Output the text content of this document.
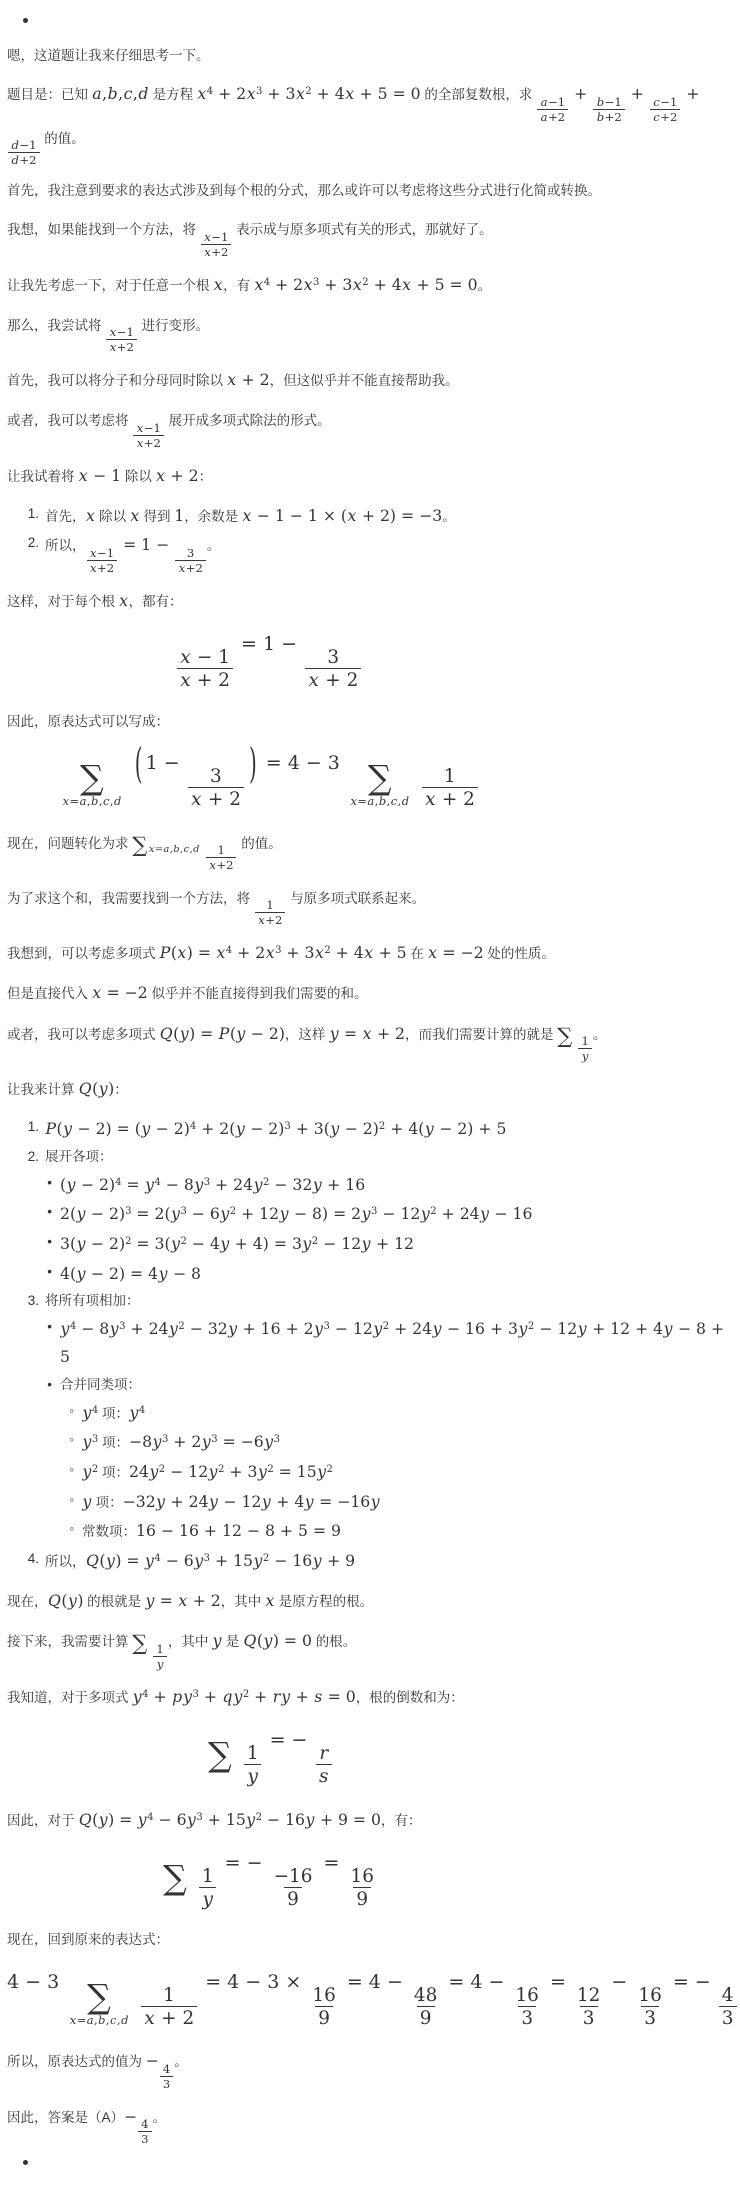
嗯，这道题让我来仔细思考一下。
题目是：已知 a,b,c,d 是方程 $x^4 + 2x^3 + 3x^2 + 4x + 5 = 0$ 的全部复数根，求
$\frac{a-1}{a+2}$
+
$\frac{b-1}{b+2}$
+
$\frac{c-1}{c+2}$
+
$\frac{d-1}{d+2}$
的值。
首先，我注意到要求的表达式涉及到每个根的分式，那么或许可以考虑将这些分式进行化简或转换。
我想，如果能找到一个方法，将
$\frac{x-1}{x+2}$
表示成与原多项式有关的形式，那就好了。
让我先考虑一下，对于任意一个根 x，有 $x^4 + 2x^3 + 3x^2 + 4x + 5 = 0$。
那么，我尝试将
$\frac{x-1}{x+2}$
进行变形。
首先，我可以将分子和分母同时除以 x + 2，但这似乎并不能直接帮助我。
或者，我可以考虑将
$\frac{x-1}{x+2}$
展开成多项式除法的形式。
让我试着将 x − 1 除以 x + 2：
1. 首先，x 除以 x 得到 1，余数是 x − 1 − 1 × (x + 2) = −3。
2. 所以，
$\frac{x-1}{x+2}$
= 1 −
$\frac{3}{x+2}$
。
这样，对于每个根 x，都有：
$\frac{x - 1}{x + 2}$
= 1 −
$\frac{3}{x + 2}$
因此，原表达式可以写成：
∑
x=a,b,c,d
( 1 −
$\frac{3}{x + 2}$
) = 4 − 3 ∑
x=a,b,c,d
$\frac{1}{x + 2}$
现在，问题转化为求 ∑ $_{x=a,b,c,d} \frac{1}{x+2}$
的值。
为了求这个和，我需要找到一个方法，将
$\frac{1}{x+2}$
与原多项式联系起来。
我想到，可以考虑多项式 $P(x) = x^4 + 2x^3 + 3x^2 + 4x + 5$ 在 x = −2 处的性质。
但是直接代入 x = −2 似乎并不能直接得到我们需要的和。
或者，我可以考虑多项式 Q(y) = P(y − 2)，这样 y = x + 2，而我们需要计算的就是 ∑
$\frac{1}{y}$
。
让我来计算 Q(y)：
1. $P(y - 2) = (y - 2)^4 + 2(y - 2)^3 + 3(y - 2)^2 + 4(y - 2) + 5$
2. 展开各项：
• $(y - 2)^4 = y^4 - 8y^3 + 24y^2 - 32y + 16$
• $2(y - 2)^3 = 2(y^3 - 6y^2 + 12y - 8) = 2y^3 - 12y^2 + 24y - 16$
• $3(y - 2)^2 = 3(y^2 - 4y + 4) = 3y^2 - 12y + 12$
• 4(y − 2) = 4y − 8
3. 将所有项相加：
• $y^4 - 8y^3 + 24y^2 - 32y + 16 + 2y^3 - 12y^2 + 24y - 16 + 3y^2 - 12y + 12 + 4y - 8 + 5$
• 合并同类项：
◦ $y^4$ 项：$y^4$
◦ $y^3$ 项：$-8y^3 + 2y^3 = -6y^3$
◦ $y^2$ 项：$24y^2 - 12y^2 + 3y^2 = 15y^2$
◦ y 项：−32y + 24y − 12y + 4y = −16y
◦ 常数项：16 − 16 + 12 − 8 + 5 = 9
4. 所以，$Q(y) = y^4 - 6y^3 + 15y^2 - 16y + 9$
现在，Q(y) 的根就是 y = x + 2，其中 x 是原方程的根。
接下来，我需要计算 ∑
$\frac{1}{y}$
，其中 y 是 Q(y) = 0 的根。
我知道，对于多项式 $y^4 + py^3 + qy^2$ + ry + s = 0，根的倒数和为：
∑
$\frac{1}{y}$
= −
$\frac{r}{s}$
因此，对于 $Q(y) = y^4 - 6y^3 + 15y^2 - 16y + 9 = 0$，有：
∑
$\frac{1}{y}$
= −
$\frac{-16}{9}$
=
$\frac{16}{9}$
现在，回到原来的表达式：
4 − 3 ∑
x=a,b,c,d
$\frac{1}{x + 2}$
= 4 − 3 ×
$\frac{16}{9}$
= 4 −
$\frac{48}{9}$
= 4 −
$\frac{16}{3}$
=
$\frac{12}{3}$
−
$\frac{16}{3}$
= −
$\frac{4}{3}$
所以，原表达式的值为 −
$\frac{4}{3}$
。
因此，答案是（A）−
$\frac{4}{3}$
。
